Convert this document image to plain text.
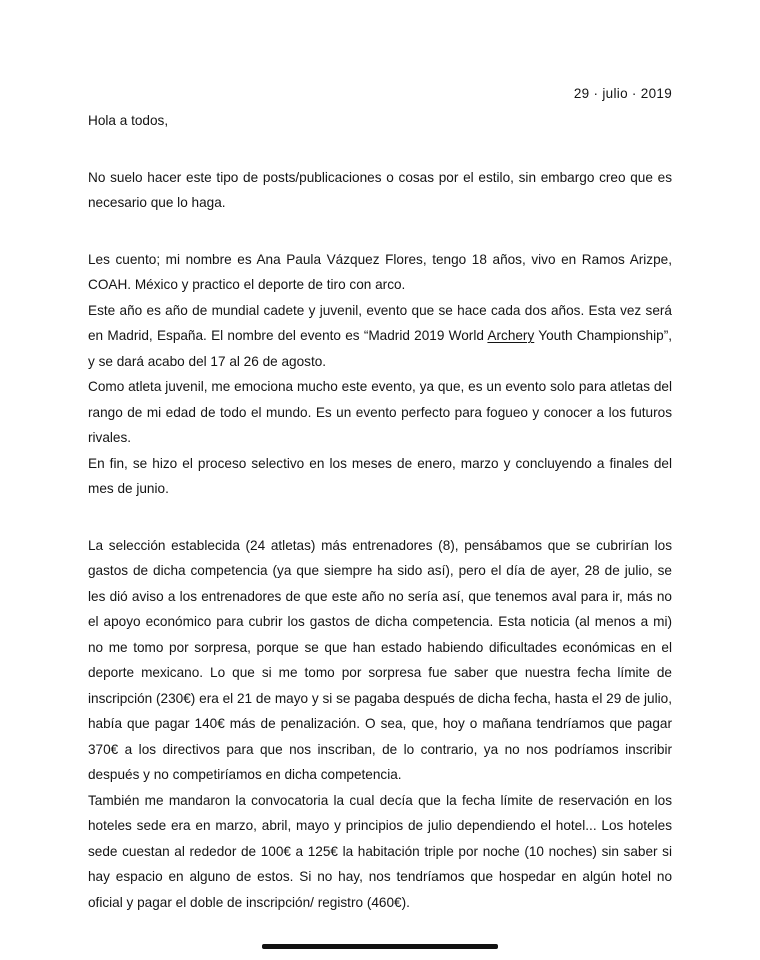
29 · julio · 2019

Hola a todos,

No suelo hacer este tipo de posts/publicaciones o cosas por el estilo, sin embargo creo que es necesario que lo haga.

Les cuento; mi nombre es Ana Paula Vázquez Flores, tengo 18 años, vivo en Ramos Arizpe, COAH. México y practico el deporte de tiro con arco.

Este año es año de mundial cadete y juvenil, evento que se hace cada dos años. Esta vez será en Madrid, España. El nombre del evento es “Madrid 2019 World Archery Youth Championship”, y se dará acabo del 17 al 26 de agosto.

Como atleta juvenil, me emociona mucho este evento, ya que, es un evento solo para atletas del rango de mi edad de todo el mundo. Es un evento perfecto para fogueo y conocer a los futuros rivales.

En fin, se hizo el proceso selectivo en los meses de enero, marzo y concluyendo a finales del mes de junio.

La selección establecida (24 atletas) más entrenadores (8), pensábamos que se cubrirían los gastos de dicha competencia (ya que siempre ha sido así), pero el día de ayer, 28 de julio, se les dió aviso a los entrenadores de que este año no sería así, que tenemos aval para ir, más no el apoyo económico para cubrir los gastos de dicha competencia. Esta noticia (al menos a mi) no me tomo por sorpresa, porque se que han estado habiendo dificultades económicas en el deporte mexicano. Lo que si me tomo por sorpresa fue saber que nuestra fecha límite de inscripción (230€) era el 21 de mayo y si se pagaba después de dicha fecha, hasta el 29 de julio, había que pagar 140€ más de penalización. O sea, que, hoy o mañana tendríamos que pagar 370€ a los directivos para que nos inscriban, de lo contrario, ya no nos podríamos inscribir después y no competiríamos en dicha competencia.

También me mandaron la convocatoria la cual decía que la fecha límite de reservación en los hoteles sede era en marzo, abril, mayo y principios de julio dependiendo el hotel... Los hoteles sede cuestan al rededor de 100€ a 125€ la habitación triple por noche (10 noches) sin saber si hay espacio en alguno de estos. Si no hay, nos tendríamos que hospedar en algún hotel no oficial y pagar el doble de inscripción/ registro (460€).
